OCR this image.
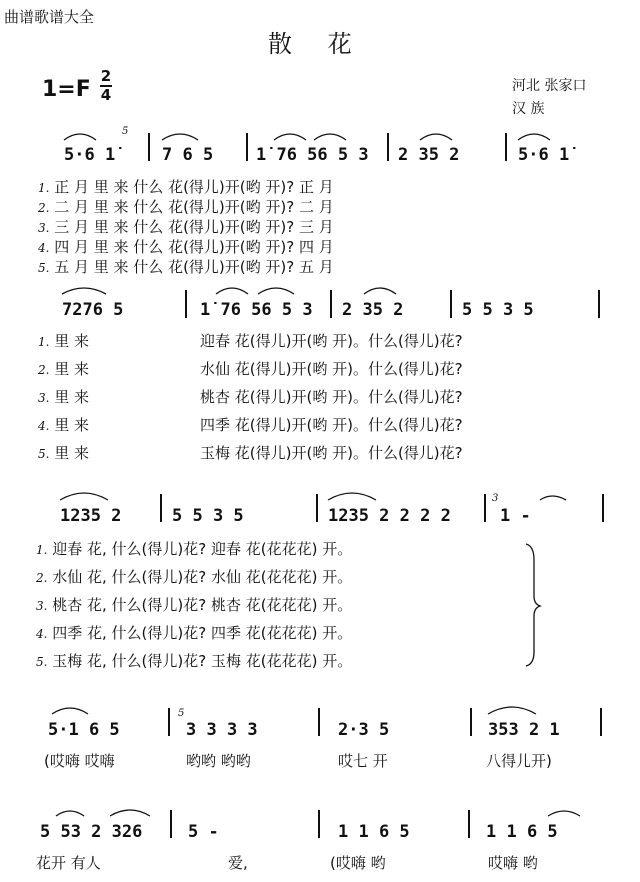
曲谱歌谱大全
散 花
1=F
2
4	河北 张家口
汉 族
5·6 1̇
5̇
7 6 5	1̇ 76 56 5 3 2 35 2	5·6 1̇
1. 正 月 里 来 什么 花(得儿)开(哟 开)? 正 月
2. 二 月 里 来 什么 花(得儿)开(哟 开)? 二 月
3. 三 月 里 来 什么 花(得儿)开(哟 开)? 三 月
4. 四 月 里 来 什么 花(得儿)开(哟 开)? 四 月
5. 五 月 里 来 什么 花(得儿)开(哟 开)? 五 月
7276 5	1̇ 76 56 5 3 2 35 2	5 5 3 5
1. 里 来	迎春 花(得儿)开(哟 开)。什么(得儿)花?
2. 里 来	水仙 花(得儿)开(哟 开)。什么(得儿)花?
3. 里 来	桃杏 花(得儿)开(哟 开)。什么(得儿)花?
4. 里 来	四季 花(得儿)开(哟 开)。什么(得儿)花?
5. 里 来	玉梅 花(得儿)开(哟 开)。什么(得儿)花?
1235 2	5 5 3 5	1235 2 2 2 2
3
1 -
1. 迎春 花, 什么(得儿)花? 迎春 花(花花花) 开。
2. 水仙 花, 什么(得儿)花? 水仙 花(花花花) 开。
3. 桃杏 花, 什么(得儿)花? 桃杏 花(花花花) 开。
4. 四季 花, 什么(得儿)花? 四季 花(花花花) 开。
5. 玉梅 花, 什么(得儿)花? 玉梅 花(花花花) 开。
5·1 6 5
5
3 3 3 3	2·3 5	353 2 1
(哎嗨 哎嗨	哟哟 哟哟	哎七 开	八得儿开)
5 53 2 326	5 -	1 1 6 5	1 1 6 5
花开 有人	爱,	(哎嗨 哟	哎嗨 哟
